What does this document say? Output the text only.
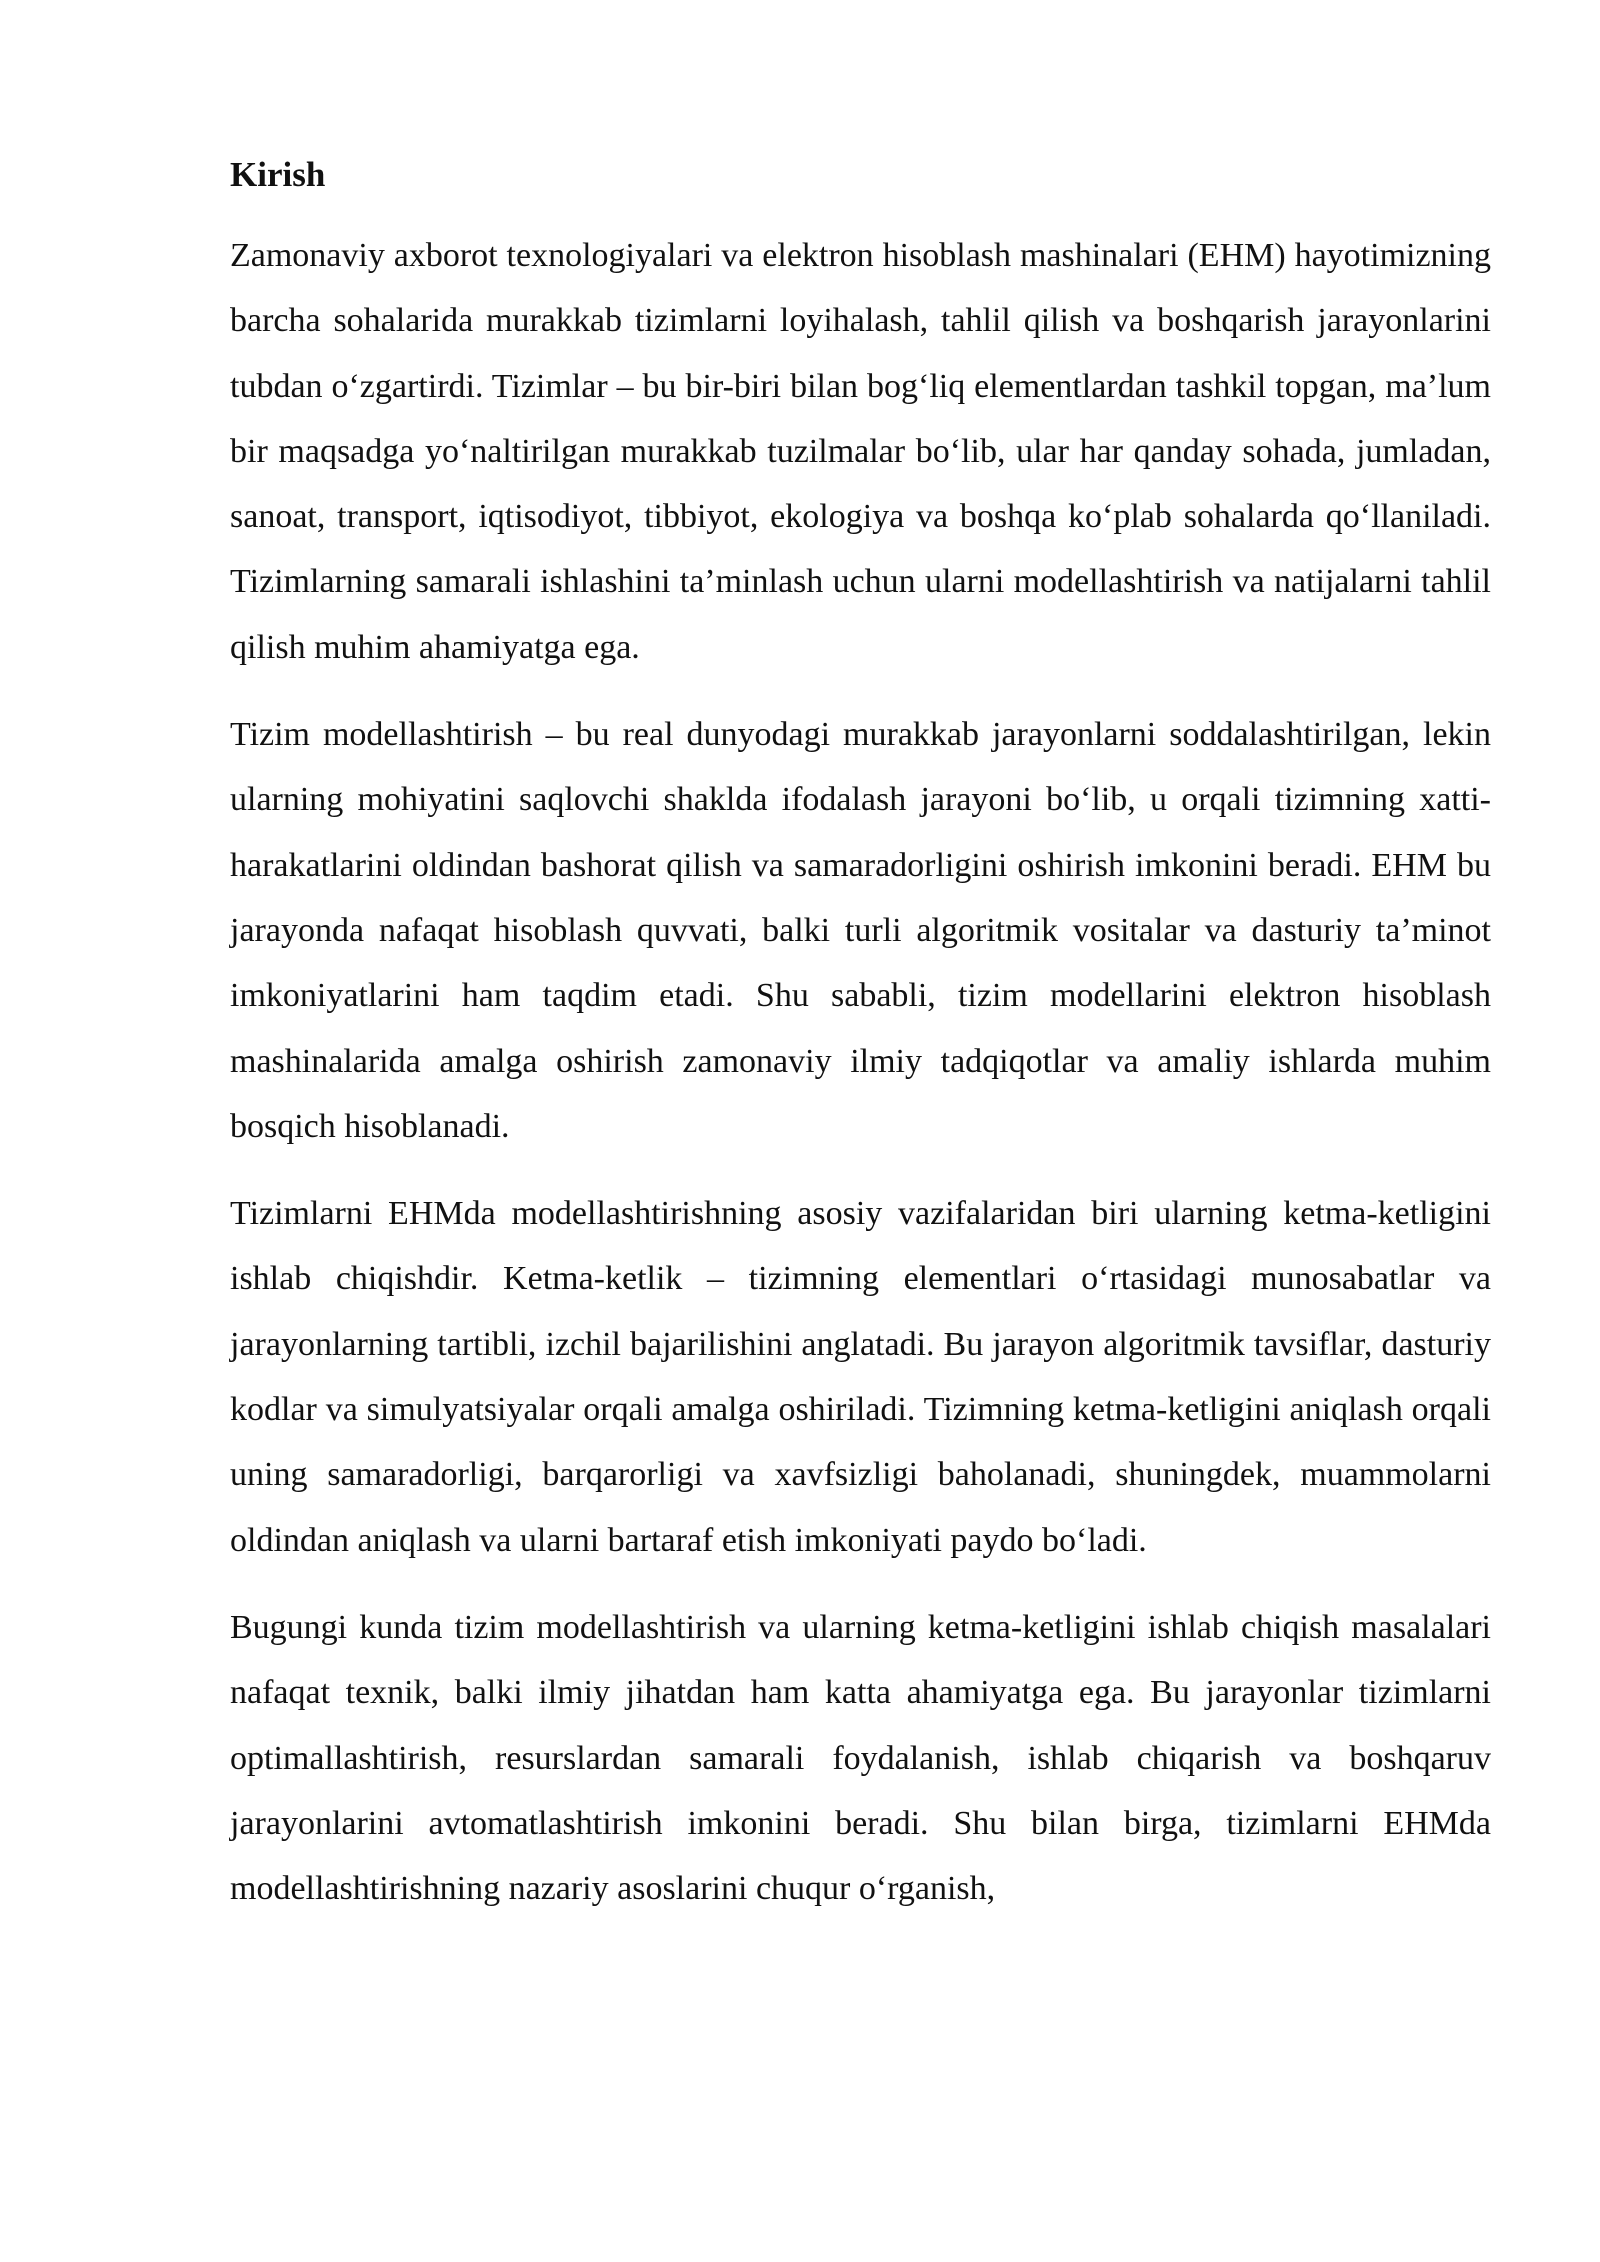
Kirish

Zamonaviy axborot texnologiyalari va elektron hisoblash mashinalari (EHM) hayotimizning barcha sohalarida murakkab tizimlarni loyihalash, tahlil qilish va boshqarish jarayonlarini tubdan o‘zgartirdi. Tizimlar – bu bir-biri bilan bog‘liq elementlardan tashkil topgan, ma’lum bir maqsadga yo‘naltirilgan murakkab tuzilmalar bo‘lib, ular har qanday sohada, jumladan, sanoat, transport, iqtisodiyot, tibbiyot, ekologiya va boshqa ko‘plab sohalarda qo‘llaniladi. Tizimlarning samarali ishlashini ta’minlash uchun ularni modellashtirish va natijalarni tahlil qilish muhim ahamiyatga ega.

Tizim modellashtirish – bu real dunyodagi murakkab jarayonlarni soddalashtirilgan, lekin ularning mohiyatini saqlovchi shaklda ifodalash jarayoni bo‘lib, u orqali tizimning xatti-harakatlarini oldindan bashorat qilish va samaradorligini oshirish imkonini beradi. EHM bu jarayonda nafaqat hisoblash quvvati, balki turli algoritmik vositalar va dasturiy ta’minot imkoniyatlarini ham taqdim etadi. Shu sababli, tizim modellarini elektron hisoblash mashinalarida amalga oshirish zamonaviy ilmiy tadqiqotlar va amaliy ishlarda muhim bosqich hisoblanadi.

Tizimlarni EHMda modellashtirishning asosiy vazifalaridan biri ularning ketma-ketligini ishlab chiqishdir. Ketma-ketlik – tizimning elementlari o‘rtasidagi munosabatlar va jarayonlarning tartibli, izchil bajarilishini anglatadi. Bu jarayon algoritmik tavsiflar, dasturiy kodlar va simulyatsiyalar orqali amalga oshiriladi. Tizimning ketma-ketligini aniqlash orqali uning samaradorligi, barqarorligi va xavfsizligi baholanadi, shuningdek, muammolarni oldindan aniqlash va ularni bartaraf etish imkoniyati paydo bo‘ladi.

Bugungi kunda tizim modellashtirish va ularning ketma-ketligini ishlab chiqish masalalari nafaqat texnik, balki ilmiy jihatdan ham katta ahamiyatga ega. Bu jarayonlar tizimlarni optimallashtirish, resurslardan samarali foydalanish, ishlab chiqarish va boshqaruv jarayonlarini avtomatlashtirish imkonini beradi. Shu bilan birga, tizimlarni EHMda modellashtirishning nazariy asoslarini chuqur o‘rganish,
